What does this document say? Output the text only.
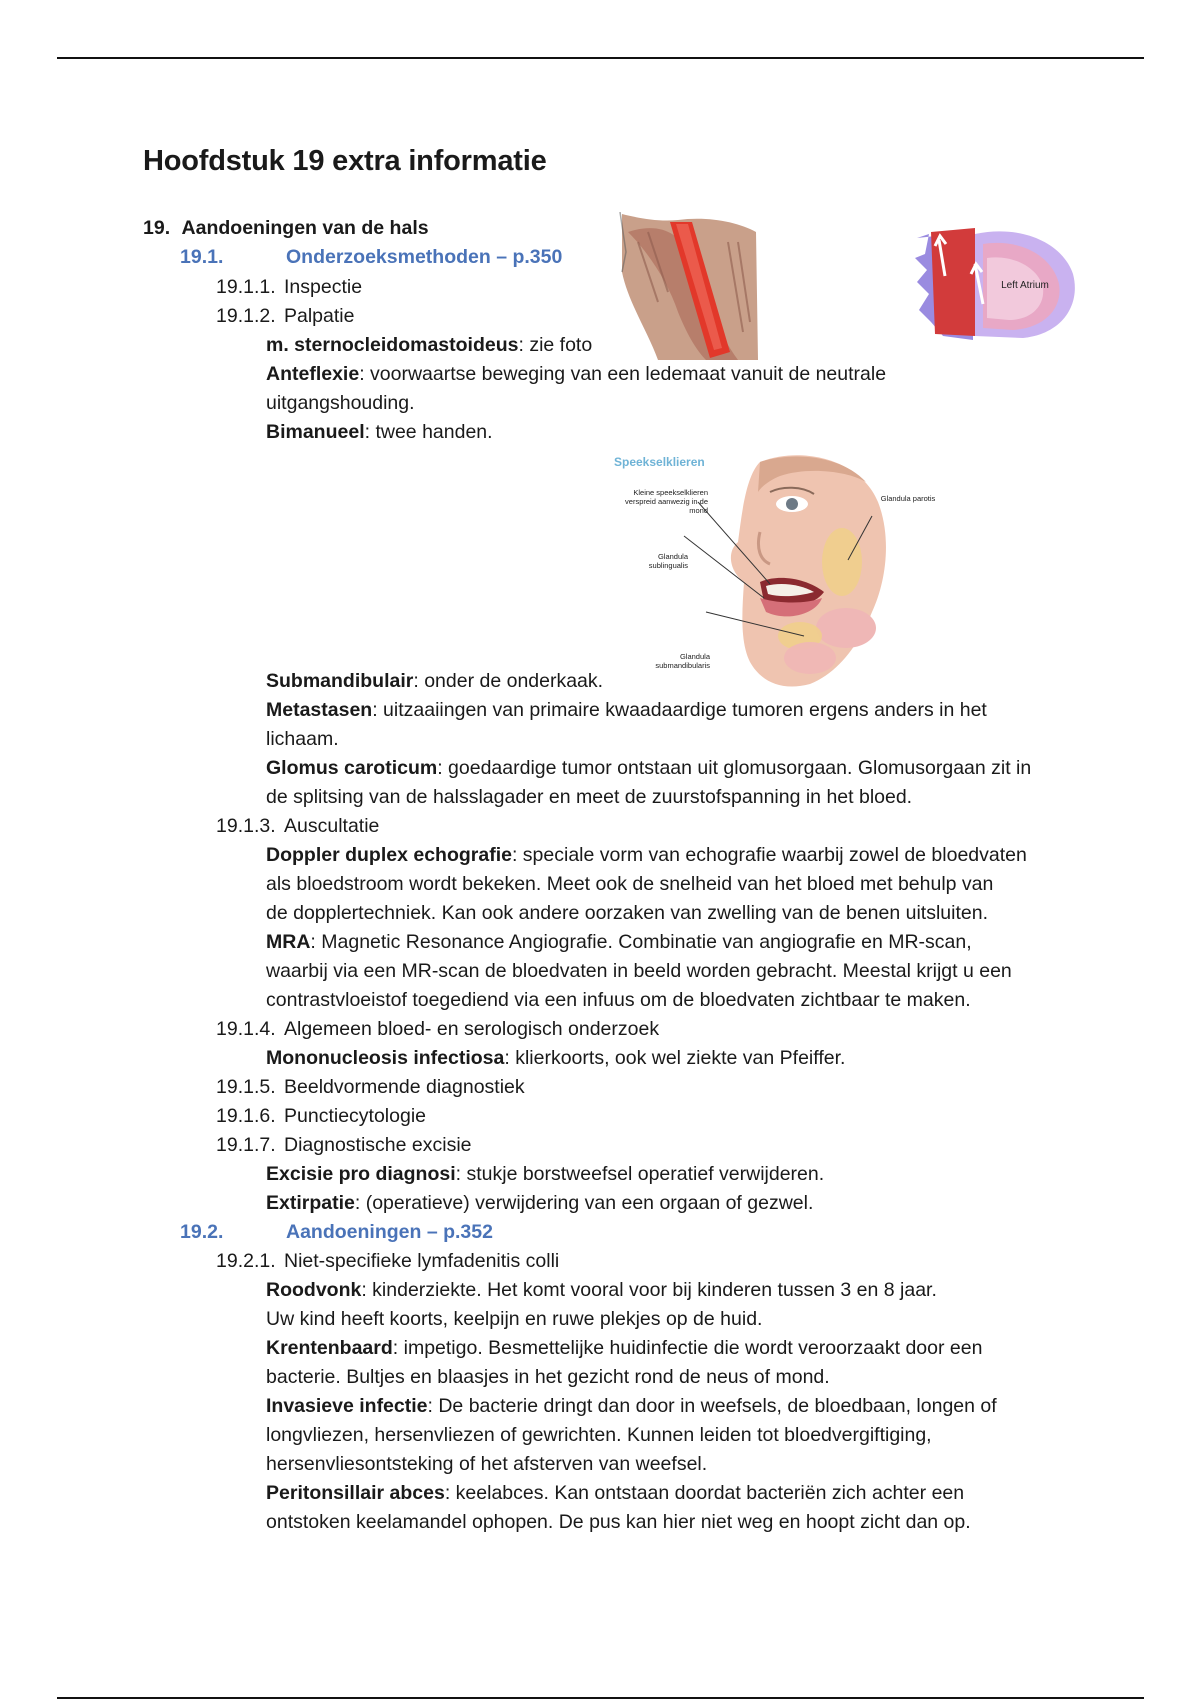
Hoofdstuk 19 extra informatie
19. Aandoeningen van de hals
19.1.	Onderzoeksmethoden – p.350
19.1.1. Inspectie
19.1.2. Palpatie
m. sternocleidomastoideus: zie foto
Anteflexie: voorwaartse beweging van een ledemaat vanuit de neutrale
uitgangshouding.
Bimanueel: twee handen.
Submandibulair: onder de onderkaak.
Metastasen: uitzaaiingen van primaire kwaadaardige tumoren ergens anders in het
lichaam.
Glomus caroticum: goedaardige tumor ontstaan uit glomusorgaan. Glomusorgaan zit in
de splitsing van de halsslagader en meet de zuurstofspanning in het bloed.
19.1.3. Auscultatie
Doppler duplex echografie: speciale vorm van echografie waarbij zowel de bloedvaten
als bloedstroom wordt bekeken. Meet ook de snelheid van het bloed met behulp van
de dopplertechniek. Kan ook andere oorzaken van zwelling van de benen uitsluiten.
MRA: Magnetic Resonance Angiografie. Combinatie van angiografie en MR-scan,
waarbij via een MR-scan de bloedvaten in beeld worden gebracht. Meestal krijgt u een
contrastvloeistof toegediend via een infuus om de bloedvaten zichtbaar te maken.
19.1.4. Algemeen bloed- en serologisch onderzoek
Mononucleosis infectiosa: klierkoorts, ook wel ziekte van Pfeiffer.
19.1.5. Beeldvormende diagnostiek
19.1.6. Punctiecytologie
19.1.7. Diagnostische excisie
Excisie pro diagnosi: stukje borstweefsel operatief verwijderen.
Extirpatie: (operatieve) verwijdering van een orgaan of gezwel.
19.2.	Aandoeningen – p.352
19.2.1. Niet-specifieke lymfadenitis colli
Roodvonk: kinderziekte. Het komt vooral voor bij kinderen tussen 3 en 8 jaar.
Uw kind heeft koorts, keelpijn en ruwe plekjes op de huid.
Krentenbaard: impetigo. Besmettelijke huidinfectie die wordt veroorzaakt door een
bacterie. Bultjes en blaasjes in het gezicht rond de neus of mond.
Invasieve infectie: De bacterie dringt dan door in weefsels, de bloedbaan, longen of
longvliezen, hersenvliezen of gewrichten. Kunnen leiden tot bloedvergiftiging,
hersenvliesontsteking of het afsterven van weefsel.
Peritonsillair abces: keelabces. Kan ontstaan doordat bacteriën zich achter een
ontstoken keelamandel ophopen. De pus kan hier niet weg en hoopt zicht dan op.
Left Atrium
Speekselklieren
Kleine speekselklieren verspreid aanwezig in de mond
Glandula sublingualis
Glandula parotis
Glandula submandibularis
